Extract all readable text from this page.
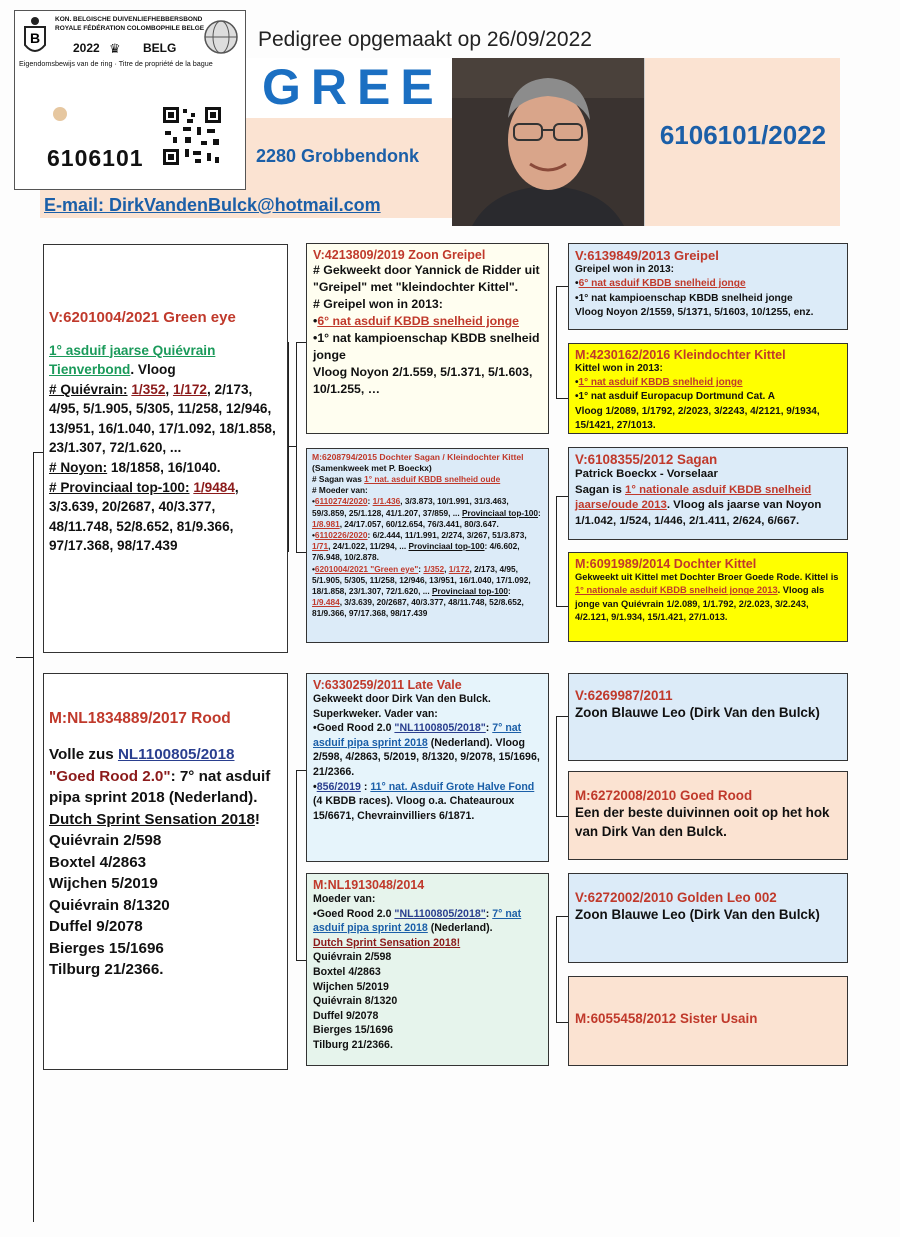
GREE
2280 Grobbendonk
E-mail: DirkVandenBulck@hotmail.com
Pedigree opgemaakt op 26/09/2022
6106101/2022
B
KON. BELGISCHE DUIVENLIEFHEBBERSBOND
ROYALE FÉDÉRATION COLOMBOPHILE BELGE
2022 ♛ BELG
Eigendomsbewijs van de ring · Titre de propriété de la bague
6106101
V:6201004/2021 Green eye
1° asduif jaarse Quiévrain Tienverbond. Vloog
# Quiévrain: 1/352, 1/172, 2/173, 4/95, 5/1.905, 5/305, 11/258, 12/946, 13/951, 16/1.040, 17/1.092, 18/1.858, 23/1.307, 72/1.620, ...
# Noyon: 18/1858, 16/1040.
# Provinciaal top-100: 1/9484, 3/3.639, 20/2687, 40/3.377, 48/11.748, 52/8.652, 81/9.366, 97/17.368, 98/17.439
M:NL1834889/2017 Rood
Volle zus NL1100805/2018 "Goed Rood 2.0": 7° nat asduif pipa sprint 2018 (Nederland).
Dutch Sprint Sensation 2018!

Quiévrain 2/598
Boxtel 4/2863
Wijchen 5/2019
Quiévrain 8/1320
Duffel 9/2078
Bierges 15/1696
Tilburg 21/2366.
V:4213809/2019 Zoon Greipel
# Gekweekt door Yannick de Ridder uit "Greipel" met "kleindochter Kittel".
# Greipel won in 2013:
• 6° nat asduif KBDB snelheid jonge
• 1° nat kampioenschap KBDB snelheid jonge
Vloog Noyon 2/1.559, 5/1.371, 5/1.603, 10/1.255, …
M:6208794/2015 Dochter Sagan / Kleindochter Kittel (Samenkweek met P. Boeckx)
# Sagan was 1° nat. asduif KBDB snelheid oude
# Moeder van:
• 6110274/2020: 1/1.436, 3/3.873, 10/1.991, 31/3.463, 59/3.859, 25/1.128, 41/1.207, 37/859, ... Provinciaal top-100: 1/8.981, 24/17.057, 60/12.654, 76/3.441, 80/3.647.
• 6110226/2020: 6/2.444, 11/1.991, 2/274, 3/267, 51/3.873, 1/71, 24/1.022, 11/294, ... Provinciaal top-100: 4/6.602, 7/6.948, 10/2.878.
• 6201004/2021 "Green eye": 1/352, 1/172, 2/173, 4/95, 5/1.905, 5/305, 11/258, 12/946, 13/951, 16/1.040, 17/1.092, 18/1.858, 23/1.307, 72/1.620, ... Provinciaal top-100: 1/9.484, 3/3.639, 20/2687, 40/3.377, 48/11.748, 52/8.652, 81/9.366, 97/17.368, 98/17.439
V:6330259/2011 Late Vale
Gekweekt door Dirk Van den Bulck. Superkweker. Vader van:
• Goed Rood 2.0 "NL1100805/2018": 7° nat asduif pipa sprint 2018 (Nederland). Vloog 2/598, 4/2863, 5/2019, 8/1320, 9/2078, 15/1696, 21/2366.
• 856/2019 : 11° nat. Asduif Grote Halve Fond (4 KBDB races). Vloog o.a. Chateauroux 15/6671, Chevrainvilliers 6/1871.
M:NL1913048/2014
Moeder van:
• Goed Rood 2.0 "NL1100805/2018": 7° nat asduif pipa sprint 2018 (Nederland).
Dutch Sprint Sensation 2018!

Quiévrain 2/598
Boxtel 4/2863
Wijchen 5/2019
Quiévrain 8/1320
Duffel 9/2078
Bierges 15/1696
Tilburg 21/2366.
V:6139849/2013 Greipel
Greipel won in 2013:
• 6° nat asduif KBDB snelheid jonge
• 1° nat kampioenschap KBDB snelheid jonge
Vloog Noyon 2/1559, 5/1371, 5/1603, 10/1255, enz.
M:4230162/2016 Kleindochter Kittel
Kittel won in 2013:
• 1° nat asduif KBDB snelheid jonge
• 1° nat asduif Europacup Dortmund Cat. A
Vloog 1/2089, 1/1792, 2/2023, 3/2243, 4/2121, 9/1934, 15/1421, 27/1013.
V:6108355/2012 Sagan
Patrick Boeckx - Vorselaar
Sagan is 1° nationale asduif KBDB snelheid jaarse/oude 2013. Vloog als jaarse van Noyon 1/1.042, 1/524, 1/446, 2/1.411, 2/624, 6/667.
M:6091989/2014 Dochter Kittel
Gekweekt uit Kittel met Dochter Broer Goede Rode. Kittel is 1° nationale asduif KBDB snelheid jonge 2013. Vloog als jonge van Quiévrain 1/2.089, 1/1.792, 2/2.023, 3/2.243, 4/2.121, 9/1.934, 15/1.421, 27/1.013.
V:6269987/2011
Zoon Blauwe Leo (Dirk Van den Bulck)
M:6272008/2010 Goed Rood
Een der beste duivinnen ooit op het hok van Dirk Van den Bulck.
V:6272002/2010 Golden Leo 002
Zoon Blauwe Leo (Dirk Van den Bulck)
M:6055458/2012 Sister Usain
